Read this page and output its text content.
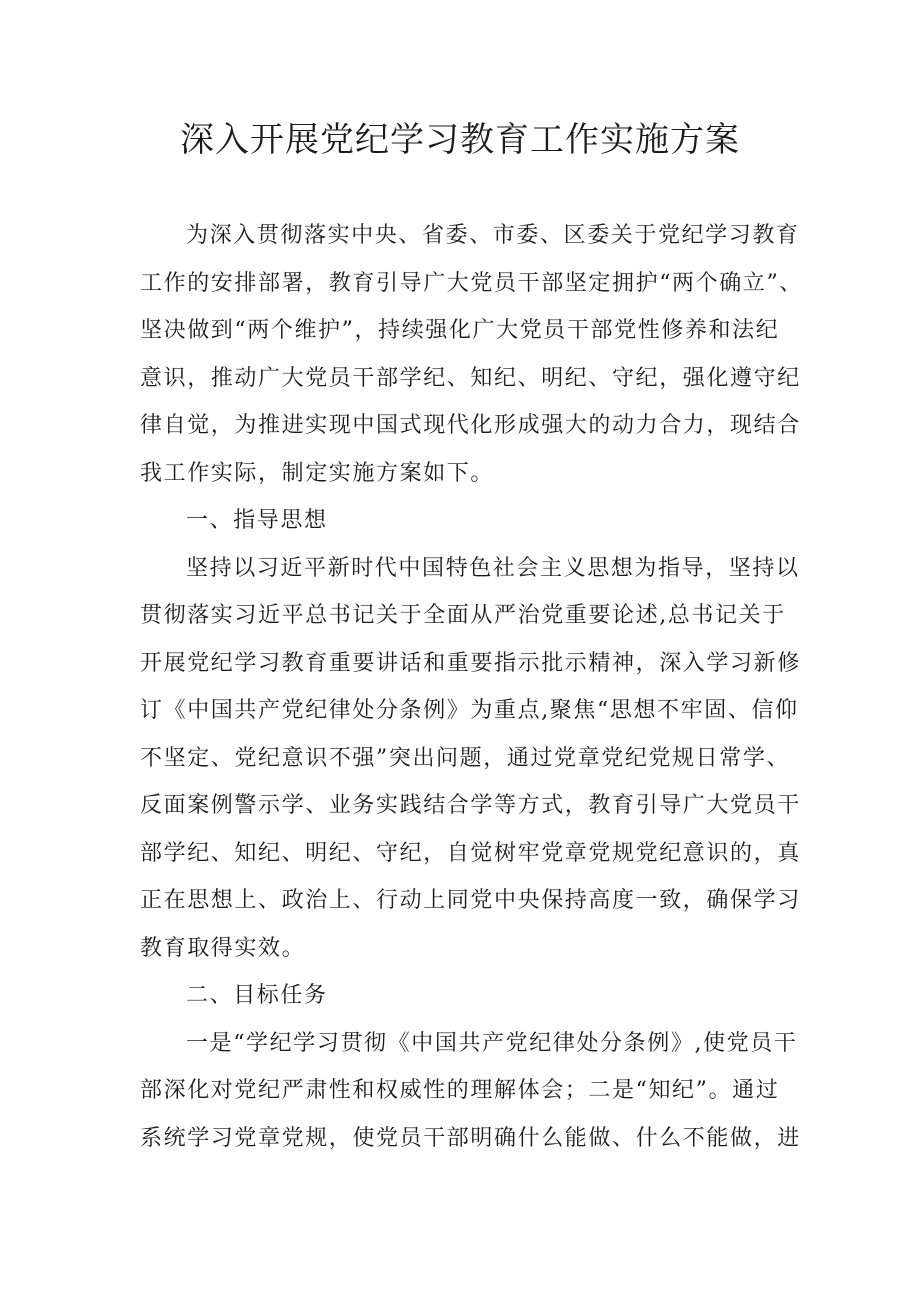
深入开展党纪学习教育工作实施方案
为深入贯彻落实中央、省委、市委、区委关于党纪学习教育
工作的安排部署，教育引导广大党员干部坚定拥护“两个确立”、
坚决做到“两个维护”，持续强化广大党员干部党性修养和法纪
意识，推动广大党员干部学纪、知纪、明纪、守纪，强化遵守纪
律自觉，为推进实现中国式现代化形成强大的动力合力，现结合
我工作实际，制定实施方案如下。
一、指导思想
坚持以习近平新时代中国特色社会主义思想为指导，坚持以
贯彻落实习近平总书记关于全面从严治党重要论述,总书记关于
开展党纪学习教育重要讲话和重要指示批示精神，深入学习新修
订《中国共产党纪律处分条例》为重点,聚焦“思想不牢固、信仰
不坚定、党纪意识不强”突出问题，通过党章党纪党规日常学、
反面案例警示学、业务实践结合学等方式，教育引导广大党员干
部学纪、知纪、明纪、守纪，自觉树牢党章党规党纪意识的，真
正在思想上、政治上、行动上同党中央保持高度一致，确保学习
教育取得实效。
二、目标任务
一是“学纪学习贯彻《中国共产党纪律处分条例》,使党员干
部深化对党纪严肃性和权威性的理解体会；二是“知纪”。通过
系统学习党章党规，使党员干部明确什么能做、什么不能做，进
